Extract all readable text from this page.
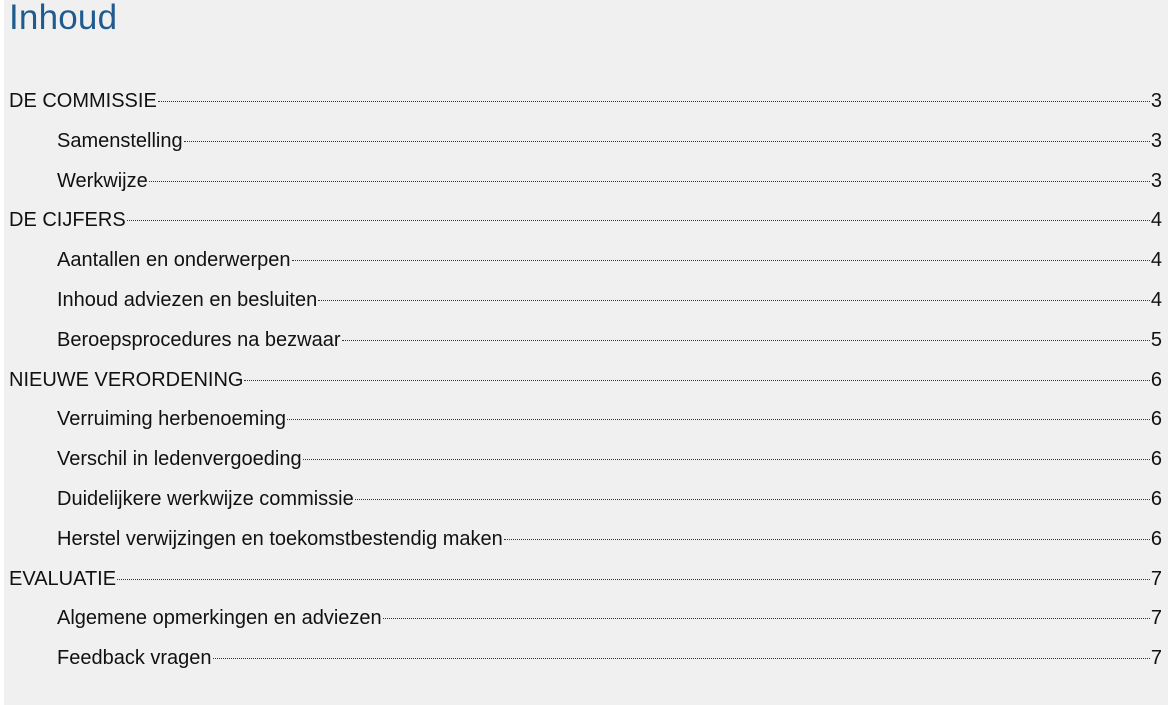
Inhoud
DE COMMISSIE	3
Samenstelling	3
Werkwijze	3
DE CIJFERS	4
Aantallen en onderwerpen	4
Inhoud adviezen en besluiten	4
Beroepsprocedures na bezwaar	5
NIEUWE VERORDENING	6
Verruiming herbenoeming	6
Verschil in ledenvergoeding	6
Duidelijkere werkwijze commissie	6
Herstel verwijzingen en toekomstbestendig maken	6
EVALUATIE	7
Algemene opmerkingen en adviezen	7
Feedback vragen	7
